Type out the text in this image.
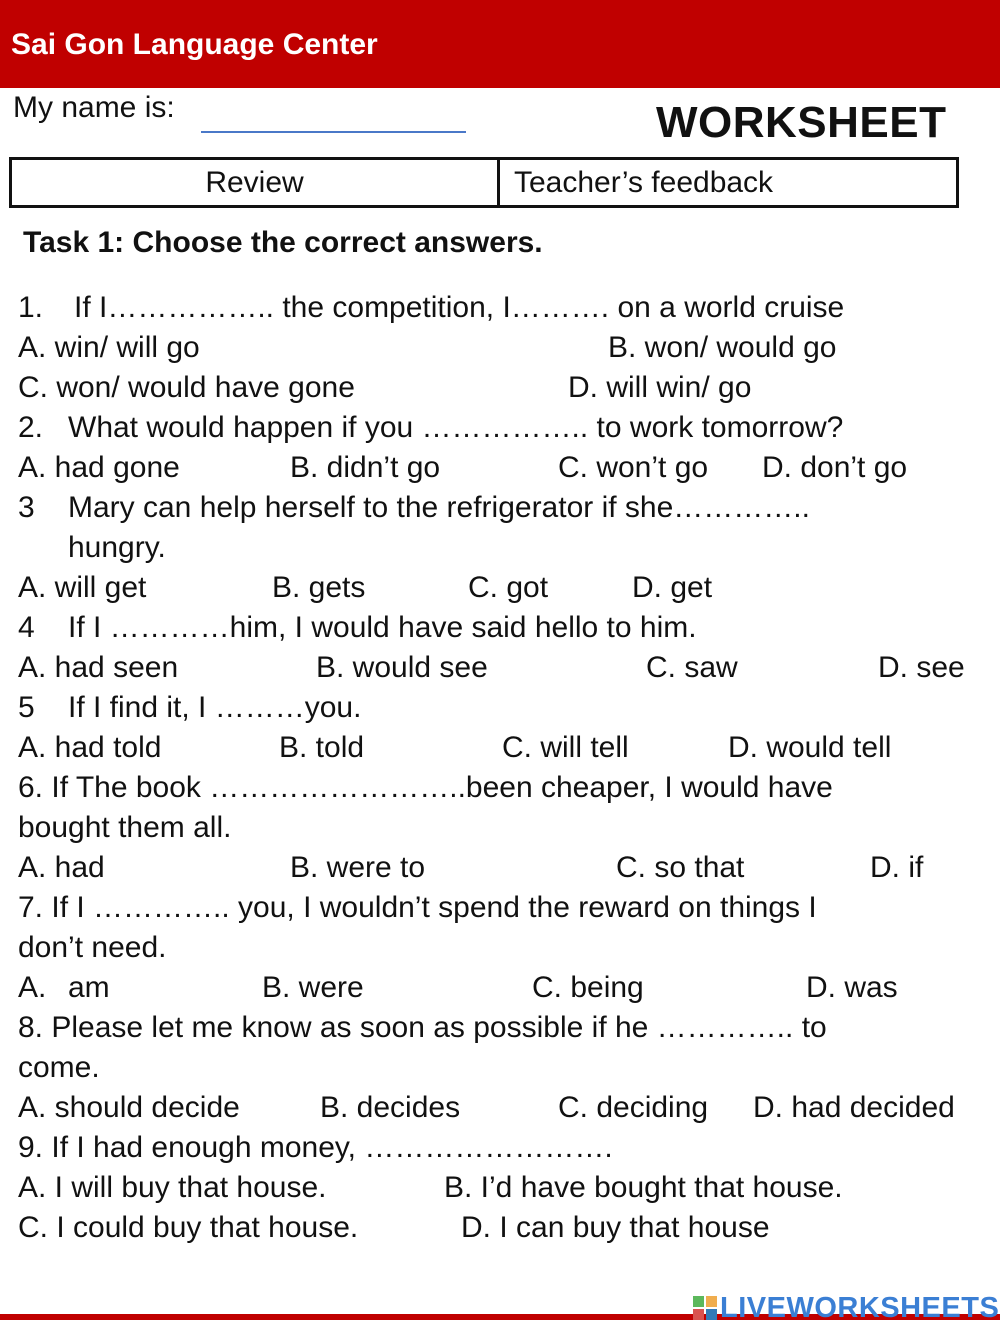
Sai Gon Language Center
My name is:	WORKSHEET
Review	Teacher’s feedback
Task 1: Choose the correct answers.
1. If I…………….. the competition, I………. on a world cruise
A. win/ will go	B. won/ would go
C. won/ would have gone	D. will win/ go
2. What would happen if you …………….. to work tomorrow?
A. had gone	B. didn’t go	C. won’t go D. don’t go
3 Mary can help herself to the refrigerator if she…………..
hungry.
A. will get	B. gets	C. got	D. get
4 If I …………him, I would have said hello to him.
A. had seen	B. would see	C. saw	D. see
5 If I find it, I ………you.
A. had told	B. told	C. will tell	D. would tell
6. If The book ……………………..been cheaper, I would have
bought them all.
A. had	B. were to	C. so that	D. if
7. If I ………….. you, I wouldn’t spend the reward on things I
don’t need.
A. am	B. were	C. being	D. was
8. Please let me know as soon as possible if he ………….. to
come.
A. should decide	B. decides	C. deciding D. had decided
9. If I had enough money, …………………….
A. I will buy that house.	B. I’d have bought that house.
C. I could buy that house.	D. I can buy that house
LIVEWORKSHEETS
